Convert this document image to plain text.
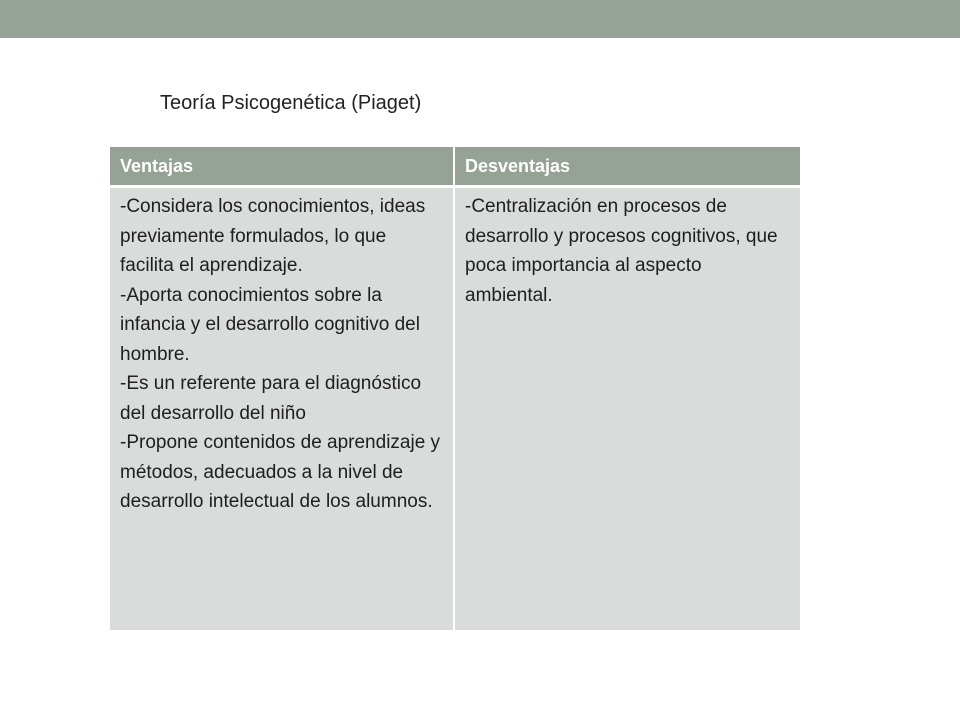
Teoría Psicogenética (Piaget)
Ventajas	Desventajas

-Considera los conocimientos, ideas previamente formulados, lo que facilita el aprendizaje.
-Aporta conocimientos sobre la infancia y el desarrollo cognitivo del hombre.
-Es un referente para el diagnóstico del desarrollo del niño
-Propone contenidos de aprendizaje y métodos, adecuados a la nivel de desarrollo intelectual de los alumnos.	-Centralización en procesos de desarrollo y procesos cognitivos, que poca importancia al aspecto ambiental.
